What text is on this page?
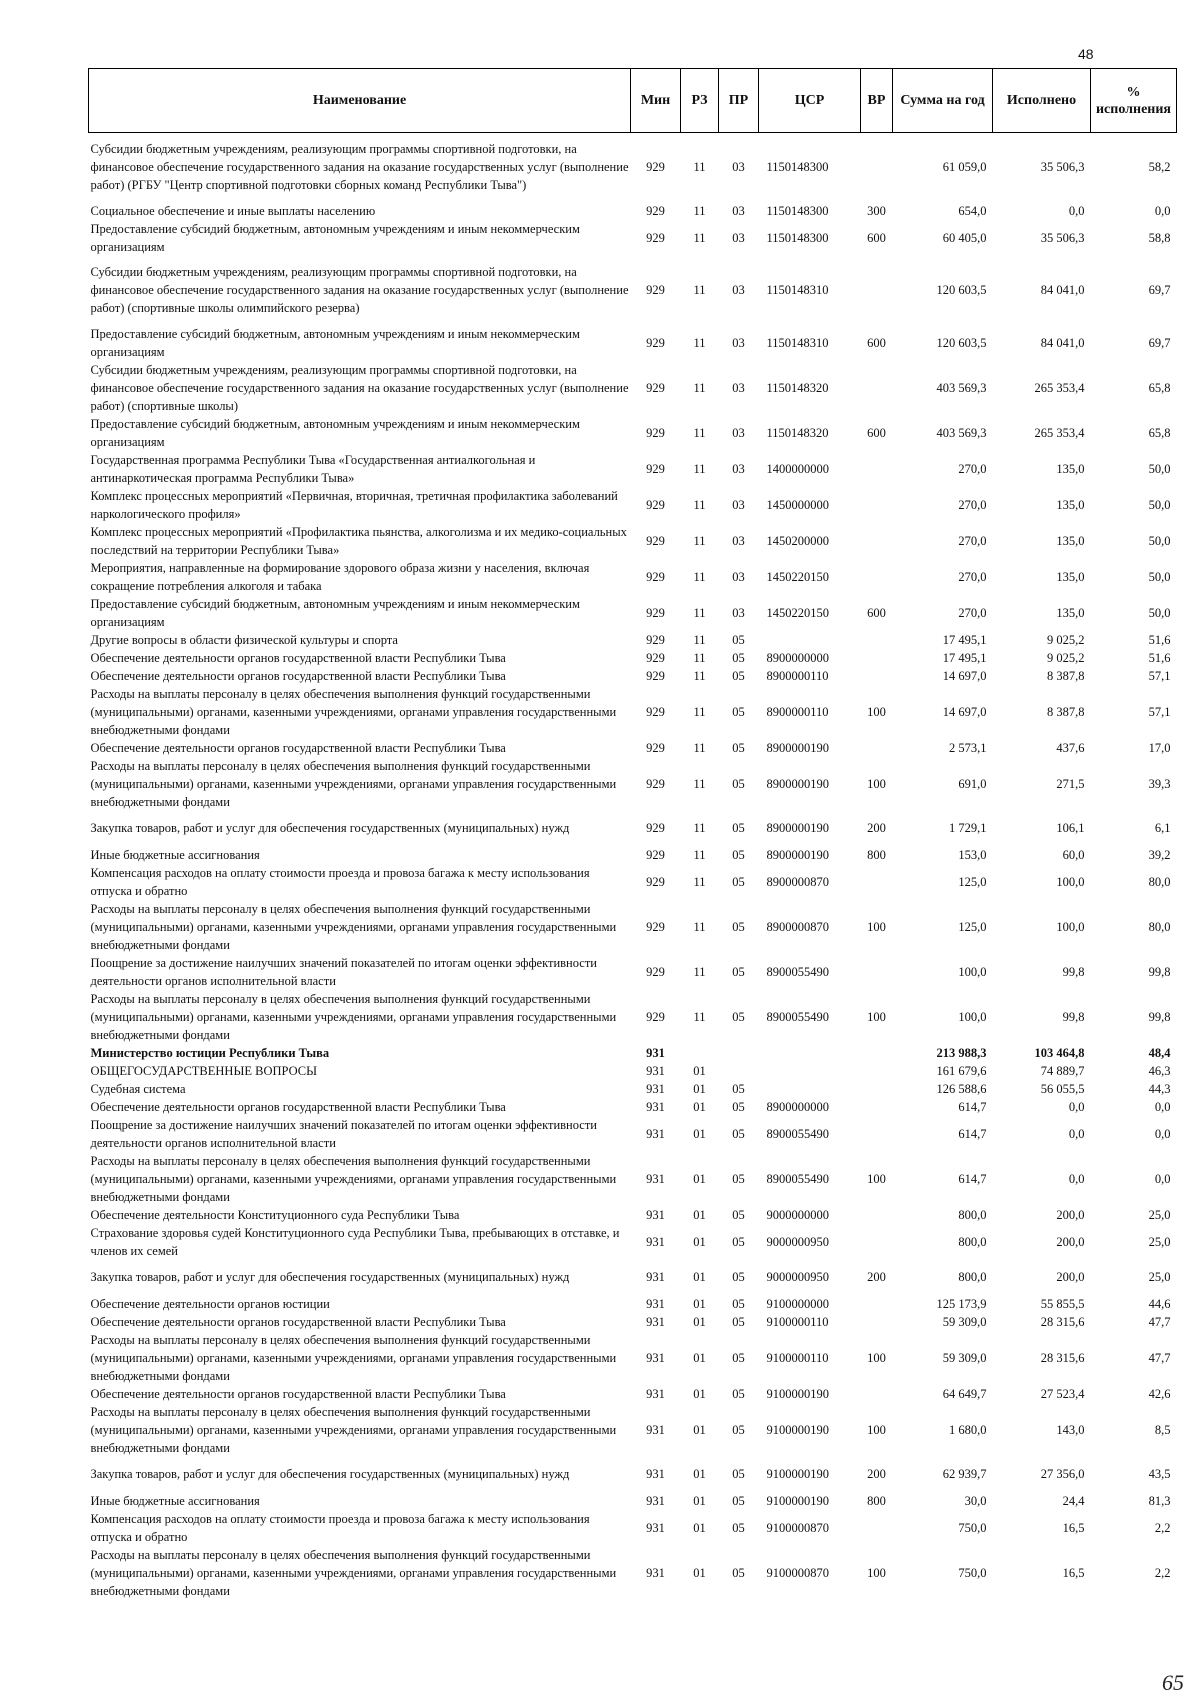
48
Наименование	Мин	РЗ	ПР	ЦСР	ВР	Сумма на год	Исполнено	% исполнения
Субсидии бюджетным учреждениям, реализующим программы спортивной подготовки, на финансовое обеспечение государственного задания на оказание государственных услуг (выполнение работ) (РГБУ "Центр спортивной подготовки сборных команд Республики Тыва")	929	11	03	1150148300		61 059,0	35 506,3	58,2
Социальное обеспечение и иные выплаты населению	929	11	03	1150148300	300	654,0	0,0	0,0
Предоставление субсидий бюджетным, автономным учреждениям и иным некоммерческим организациям	929	11	03	1150148300	600	60 405,0	35 506,3	58,8
Субсидии бюджетным учреждениям, реализующим программы спортивной подготовки, на финансовое обеспечение государственного задания на оказание государственных услуг (выполнение работ) (спортивные школы олимпийского резерва)	929	11	03	1150148310		120 603,5	84 041,0	69,7
Предоставление субсидий бюджетным, автономным учреждениям и иным некоммерческим организациям	929	11	03	1150148310	600	120 603,5	84 041,0	69,7
Субсидии бюджетным учреждениям, реализующим программы спортивной подготовки, на финансовое обеспечение государственного задания на оказание государственных услуг (выполнение работ) (спортивные школы)	929	11	03	1150148320		403 569,3	265 353,4	65,8
Предоставление субсидий бюджетным, автономным учреждениям и иным некоммерческим организациям	929	11	03	1150148320	600	403 569,3	265 353,4	65,8
Государственная программа Республики Тыва «Государственная антиалкогольная и антинаркотическая программа Республики Тыва»	929	11	03	1400000000		270,0	135,0	50,0
Комплекс процессных мероприятий «Первичная, вторичная, третичная профилактика заболеваний наркологического профиля»	929	11	03	1450000000		270,0	135,0	50,0
Комплекс процессных мероприятий «Профилактика пьянства, алкоголизма и их медико-социальных последствий на территории Республики Тыва»	929	11	03	1450200000		270,0	135,0	50,0
Мероприятия, направленные на формирование здорового образа жизни у населения, включая сокращение потребления алкоголя и табака	929	11	03	1450220150		270,0	135,0	50,0
Предоставление субсидий бюджетным, автономным учреждениям и иным некоммерческим организациям	929	11	03	1450220150	600	270,0	135,0	50,0
Другие вопросы в области физической культуры и спорта	929	11	05			17 495,1	9 025,2	51,6
Обеспечение деятельности органов государственной власти Республики Тыва	929	11	05	8900000000		17 495,1	9 025,2	51,6
Обеспечение деятельности органов государственной власти Республики Тыва	929	11	05	8900000110		14 697,0	8 387,8	57,1
Расходы на выплаты персоналу в целях обеспечения выполнения функций государственными (муниципальными) органами, казенными учреждениями, органами управления государственными внебюджетными фондами	929	11	05	8900000110	100	14 697,0	8 387,8	57,1
Обеспечение деятельности органов государственной власти Республики Тыва	929	11	05	8900000190		2 573,1	437,6	17,0
Расходы на выплаты персоналу в целях обеспечения выполнения функций государственными (муниципальными) органами, казенными учреждениями, органами управления государственными внебюджетными фондами	929	11	05	8900000190	100	691,0	271,5	39,3
Закупка товаров, работ и услуг для обеспечения государственных (муниципальных) нужд	929	11	05	8900000190	200	1 729,1	106,1	6,1
Иные бюджетные ассигнования	929	11	05	8900000190	800	153,0	60,0	39,2
Компенсация расходов на оплату стоимости проезда и провоза багажа к месту использования отпуска и обратно	929	11	05	8900000870		125,0	100,0	80,0
Расходы на выплаты персоналу в целях обеспечения выполнения функций государственными (муниципальными) органами, казенными учреждениями, органами управления государственными внебюджетными фондами	929	11	05	8900000870	100	125,0	100,0	80,0
Поощрение за достижение наилучших значений показателей по итогам оценки эффективности деятельности органов исполнительной власти	929	11	05	8900055490		100,0	99,8	99,8
Расходы на выплаты персоналу в целях обеспечения выполнения функций государственными (муниципальными) органами, казенными учреждениями, органами управления государственными внебюджетными фондами	929	11	05	8900055490	100	100,0	99,8	99,8
Министерство юстиции Республики Тыва	931					213 988,3	103 464,8	48,4
ОБЩЕГОСУДАРСТВЕННЫЕ ВОПРОСЫ	931	01				161 679,6	74 889,7	46,3
Судебная система	931	01	05			126 588,6	56 055,5	44,3
Обеспечение деятельности органов государственной власти Республики Тыва	931	01	05	8900000000		614,7	0,0	0,0
Поощрение за достижение наилучших значений показателей по итогам оценки эффективности деятельности органов исполнительной власти	931	01	05	8900055490		614,7	0,0	0,0
Расходы на выплаты персоналу в целях обеспечения выполнения функций государственными (муниципальными) органами, казенными учреждениями, органами управления государственными внебюджетными фондами	931	01	05	8900055490	100	614,7	0,0	0,0
Обеспечение деятельности Конституционного суда Республики Тыва	931	01	05	9000000000		800,0	200,0	25,0
Страхование здоровья судей Конституционного суда Республики Тыва, пребывающих в отставке, и членов их семей	931	01	05	9000000950		800,0	200,0	25,0
Закупка товаров, работ и услуг для обеспечения государственных (муниципальных) нужд	931	01	05	9000000950	200	800,0	200,0	25,0
Обеспечение деятельности органов юстиции	931	01	05	9100000000		125 173,9	55 855,5	44,6
Обеспечение деятельности органов государственной власти Республики Тыва	931	01	05	9100000110		59 309,0	28 315,6	47,7
Расходы на выплаты персоналу в целях обеспечения выполнения функций государственными (муниципальными) органами, казенными учреждениями, органами управления государственными внебюджетными фондами	931	01	05	9100000110	100	59 309,0	28 315,6	47,7
Обеспечение деятельности органов государственной власти Республики Тыва	931	01	05	9100000190		64 649,7	27 523,4	42,6
Расходы на выплаты персоналу в целях обеспечения выполнения функций государственными (муниципальными) органами, казенными учреждениями, органами управления государственными внебюджетными фондами	931	01	05	9100000190	100	1 680,0	143,0	8,5
Закупка товаров, работ и услуг для обеспечения государственных (муниципальных) нужд	931	01	05	9100000190	200	62 939,7	27 356,0	43,5
Иные бюджетные ассигнования	931	01	05	9100000190	800	30,0	24,4	81,3
Компенсация расходов на оплату стоимости проезда и провоза багажа к месту использования отпуска и обратно	931	01	05	9100000870		750,0	16,5	2,2
Расходы на выплаты персоналу в целях обеспечения выполнения функций государственными (муниципальными) органами, казенными учреждениями, органами управления государственными внебюджетными фондами	931	01	05	9100000870	100	750,0	16,5	2,2
65
